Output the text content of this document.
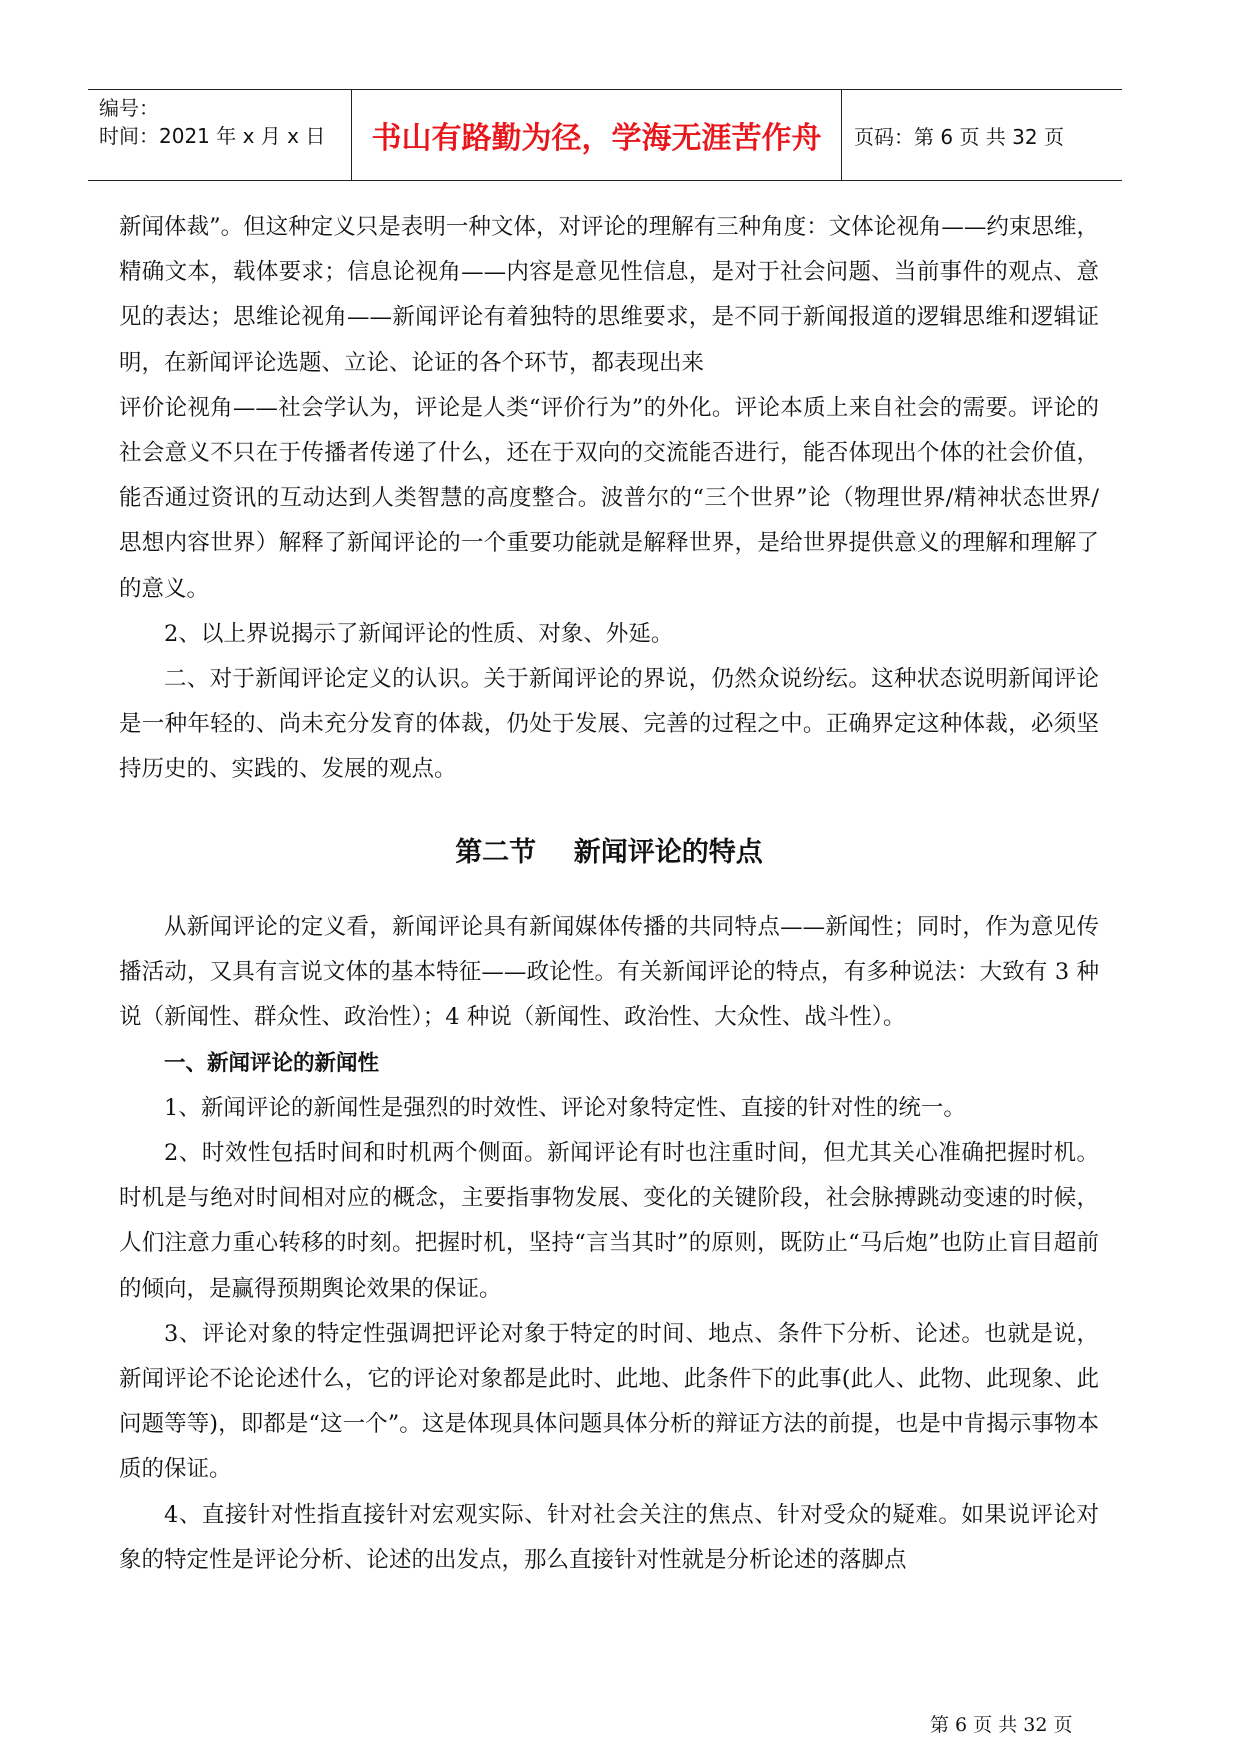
编号：
时间：2021 年 x 月 x 日	书山有路勤为径，学海无涯苦作舟	页码：第 6 页 共 32 页

新闻体裁”。但这种定义只是表明一种文体，对评论的理解有三种角度：文体论视角——约束思维，精确文本，载体要求；信息论视角——内容是意见性信息，是对于社会问题、当前事件的观点、意见的表达；思维论视角——新闻评论有着独特的思维要求，是不同于新闻报道的逻辑思维和逻辑证明，在新闻评论选题、立论、论证的各个环节，都表现出来

评价论视角——社会学认为，评论是人类“评价行为”的外化。评论本质上来自社会的需要。评论的社会意义不只在于传播者传递了什么，还在于双向的交流能否进行，能否体现出个体的社会价值，能否通过资讯的互动达到人类智慧的高度整合。波普尔的“三个世界”论（物理世界/精神状态世界/思想内容世界）解释了新闻评论的一个重要功能就是解释世界，是给世界提供意义的理解和理解了的意义。

2、以上界说揭示了新闻评论的性质、对象、外延。

二、对于新闻评论定义的认识。关于新闻评论的界说，仍然众说纷纭。这种状态说明新闻评论是一种年轻的、尚未充分发育的体裁，仍处于发展、完善的过程之中。正确界定这种体裁，必须坚持历史的、实践的、发展的观点。

第二节    新闻评论的特点

从新闻评论的定义看，新闻评论具有新闻媒体传播的共同特点——新闻性；同时，作为意见传播活动，又具有言说文体的基本特征——政论性。有关新闻评论的特点，有多种说法：大致有 3 种说（新闻性、群众性、政治性）；4 种说（新闻性、政治性、大众性、战斗性）。

一、新闻评论的新闻性

1、新闻评论的新闻性是强烈的时效性、评论对象特定性、直接的针对性的统一。

2、时效性包括时间和时机两个侧面。新闻评论有时也注重时间，但尤其关心准确把握时机。时机是与绝对时间相对应的概念，主要指事物发展、变化的关键阶段，社会脉搏跳动变速的时候，人们注意力重心转移的时刻。把握时机，坚持“言当其时”的原则，既防止“马后炮”也防止盲目超前的倾向，是赢得预期舆论效果的保证。

3、评论对象的特定性强调把评论对象于特定的时间、地点、条件下分析、论述。也就是说，新闻评论不论论述什么，它的评论对象都是此时、此地、此条件下的此事(此人、此物、此现象、此问题等等)，即都是“这一个”。这是体现具体问题具体分析的辩证方法的前提，也是中肯揭示事物本质的保证。

4、直接针对性指直接针对宏观实际、针对社会关注的焦点、针对受众的疑难。如果说评论对象的特定性是评论分析、论述的出发点，那么直接针对性就是分析论述的落脚点

第 6 页 共 32 页
